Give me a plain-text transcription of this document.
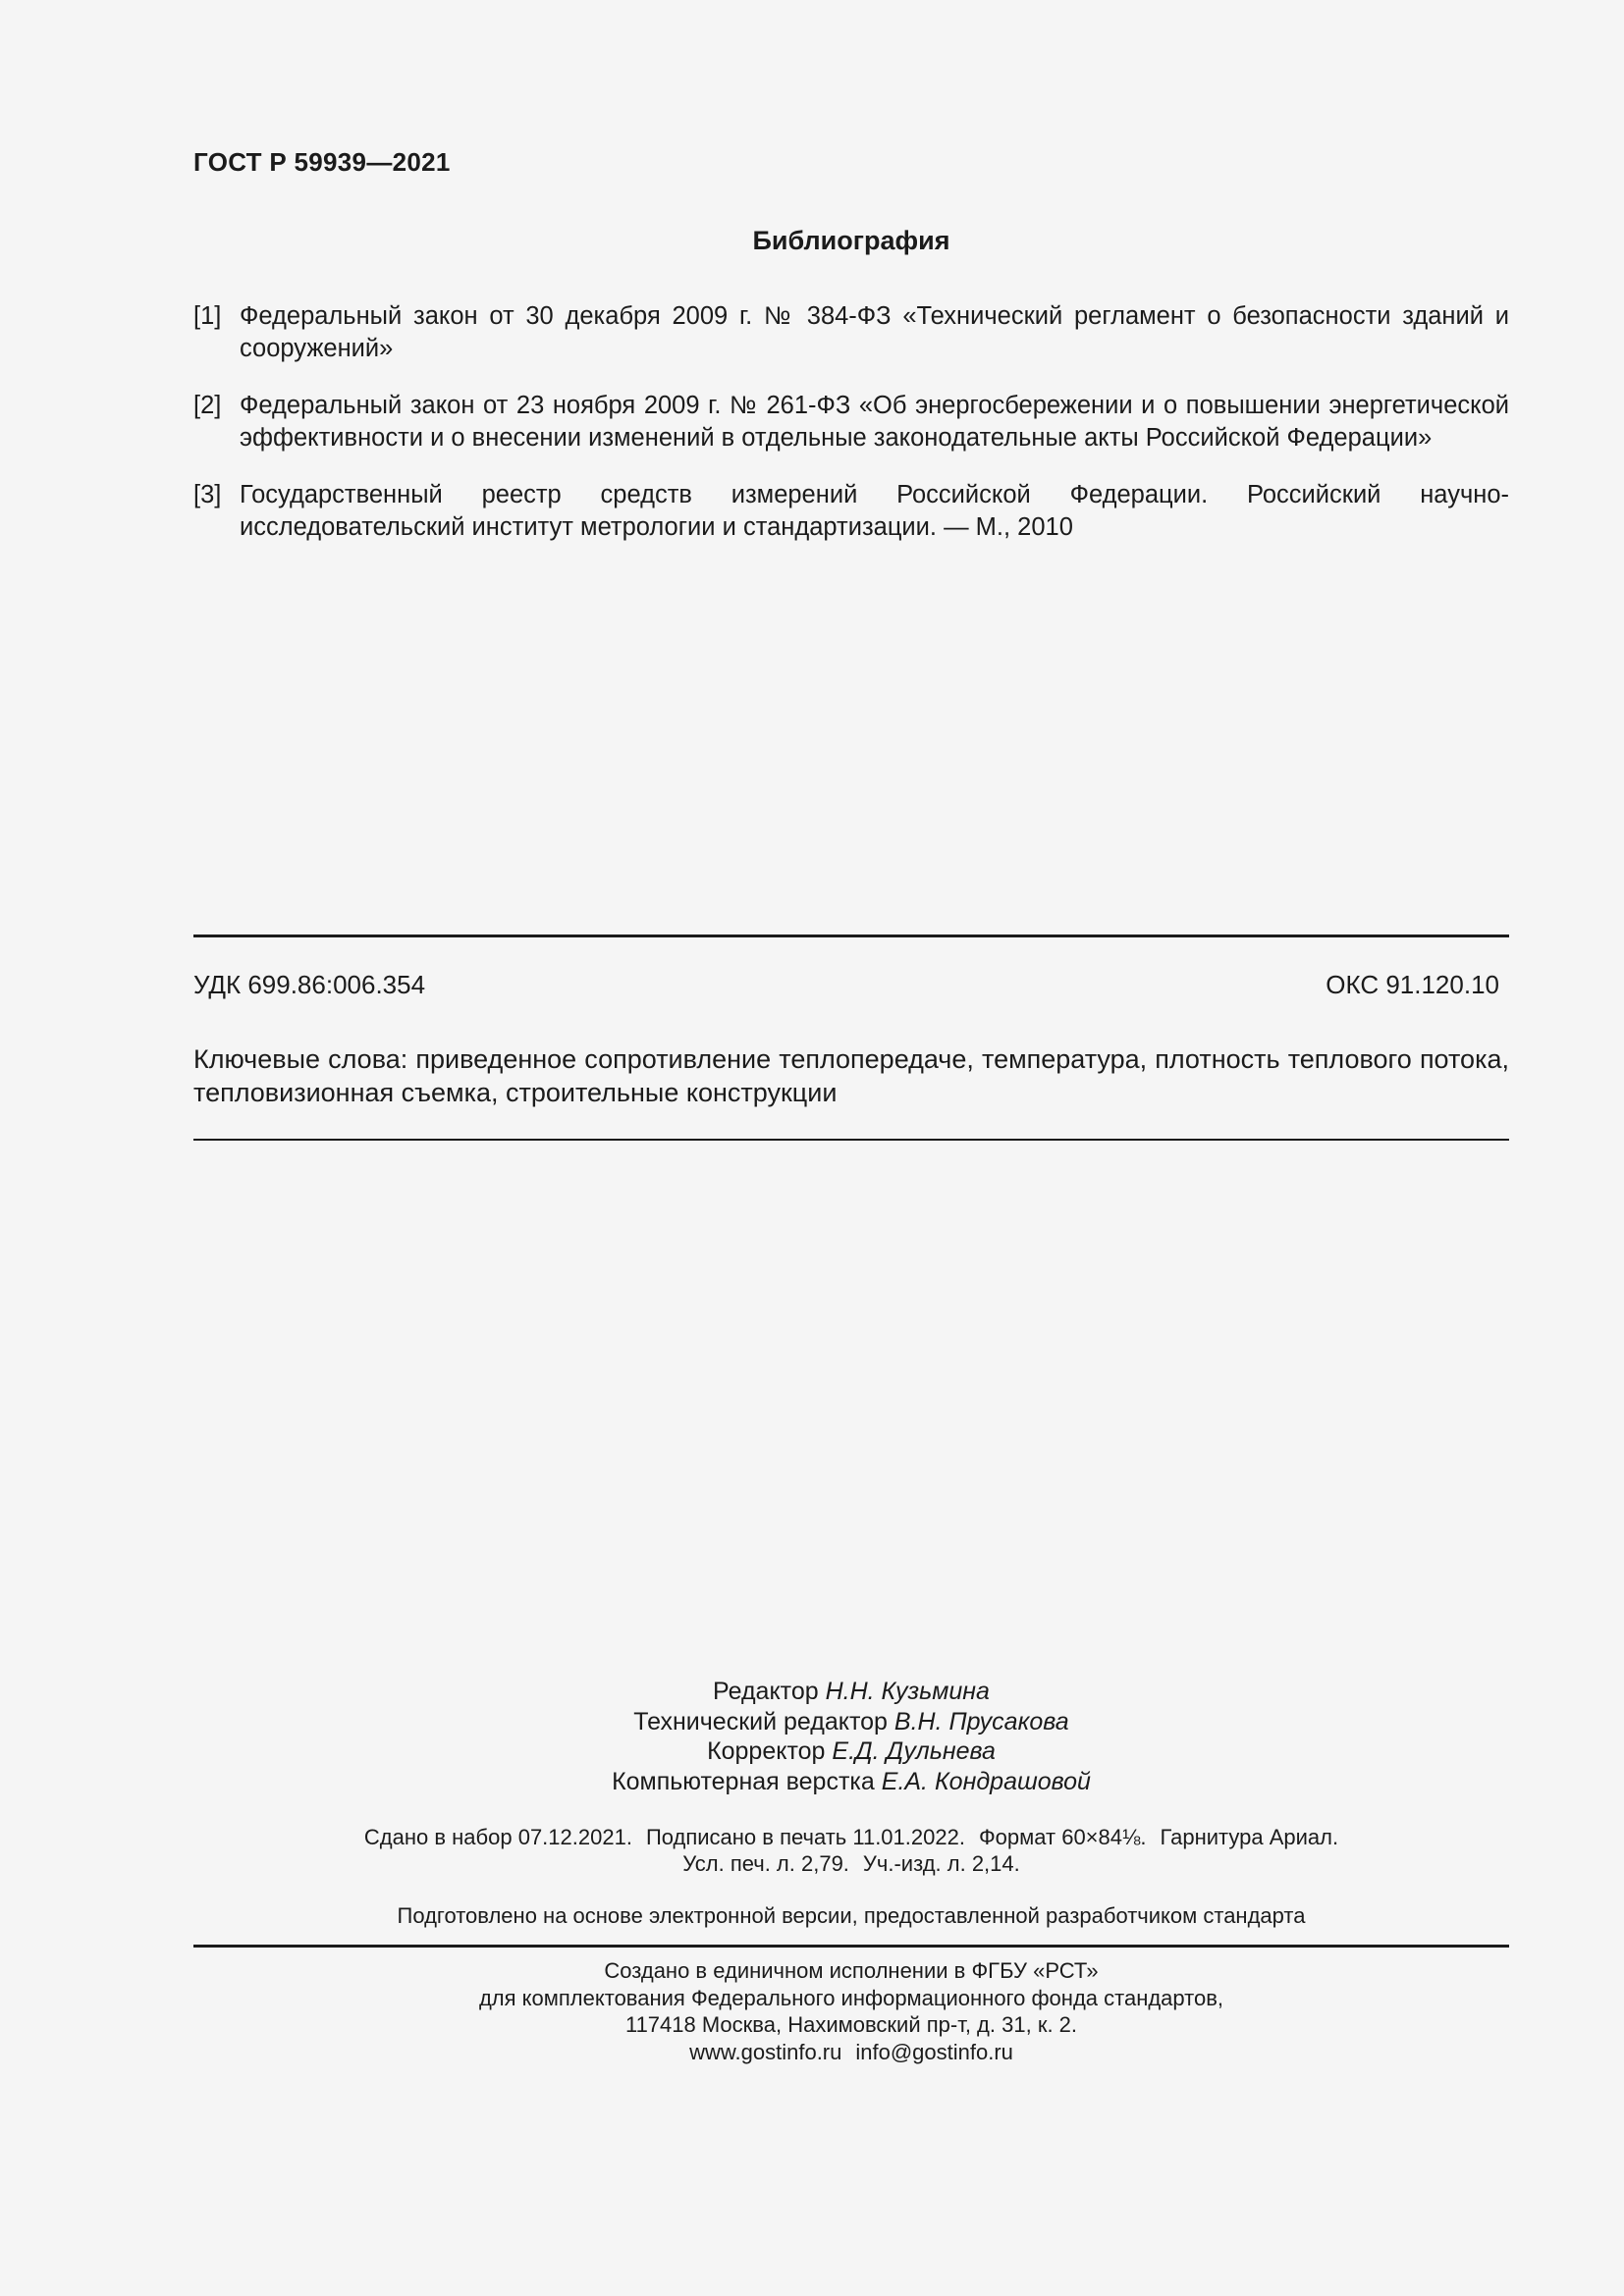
ГОСТ Р 59939—2021
Библиография
[1] Федеральный закон от 30 декабря 2009 г. № 384-ФЗ «Технический регламент о безопасности зданий и сооружений»
[2] Федеральный закон от 23 ноября 2009 г. № 261-ФЗ «Об энергосбережении и о повышении энергетической эффективности и о внесении изменений в отдельные законодательные акты Российской Федерации»
[3] Государственный реестр средств измерений Российской Федерации. Российский научно-исследовательский институт метрологии и стандартизации. — М., 2010
УДК 699.86:006.354	ОКС 91.120.10
Ключевые слова: приведенное сопротивление теплопередаче, температура, плотность теплового потока, тепловизионная съемка, строительные конструкции
Редактор Н.Н. Кузьмина
Технический редактор В.Н. Прусакова
Корректор Е.Д. Дульнева
Компьютерная верстка Е.А. Кондрашовой
Сдано в набор 07.12.2021. Подписано в печать 11.01.2022. Формат 60×84⅛. Гарнитура Ариал.
Усл. печ. л. 2,79. Уч.-изд. л. 2,14.
Подготовлено на основе электронной версии, предоставленной разработчиком стандарта
Создано в единичном исполнении в ФГБУ «РСТ»
для комплектования Федерального информационного фонда стандартов,
117418 Москва, Нахимовский пр-т, д. 31, к. 2.
www.gostinfo.ru info@gostinfo.ru
